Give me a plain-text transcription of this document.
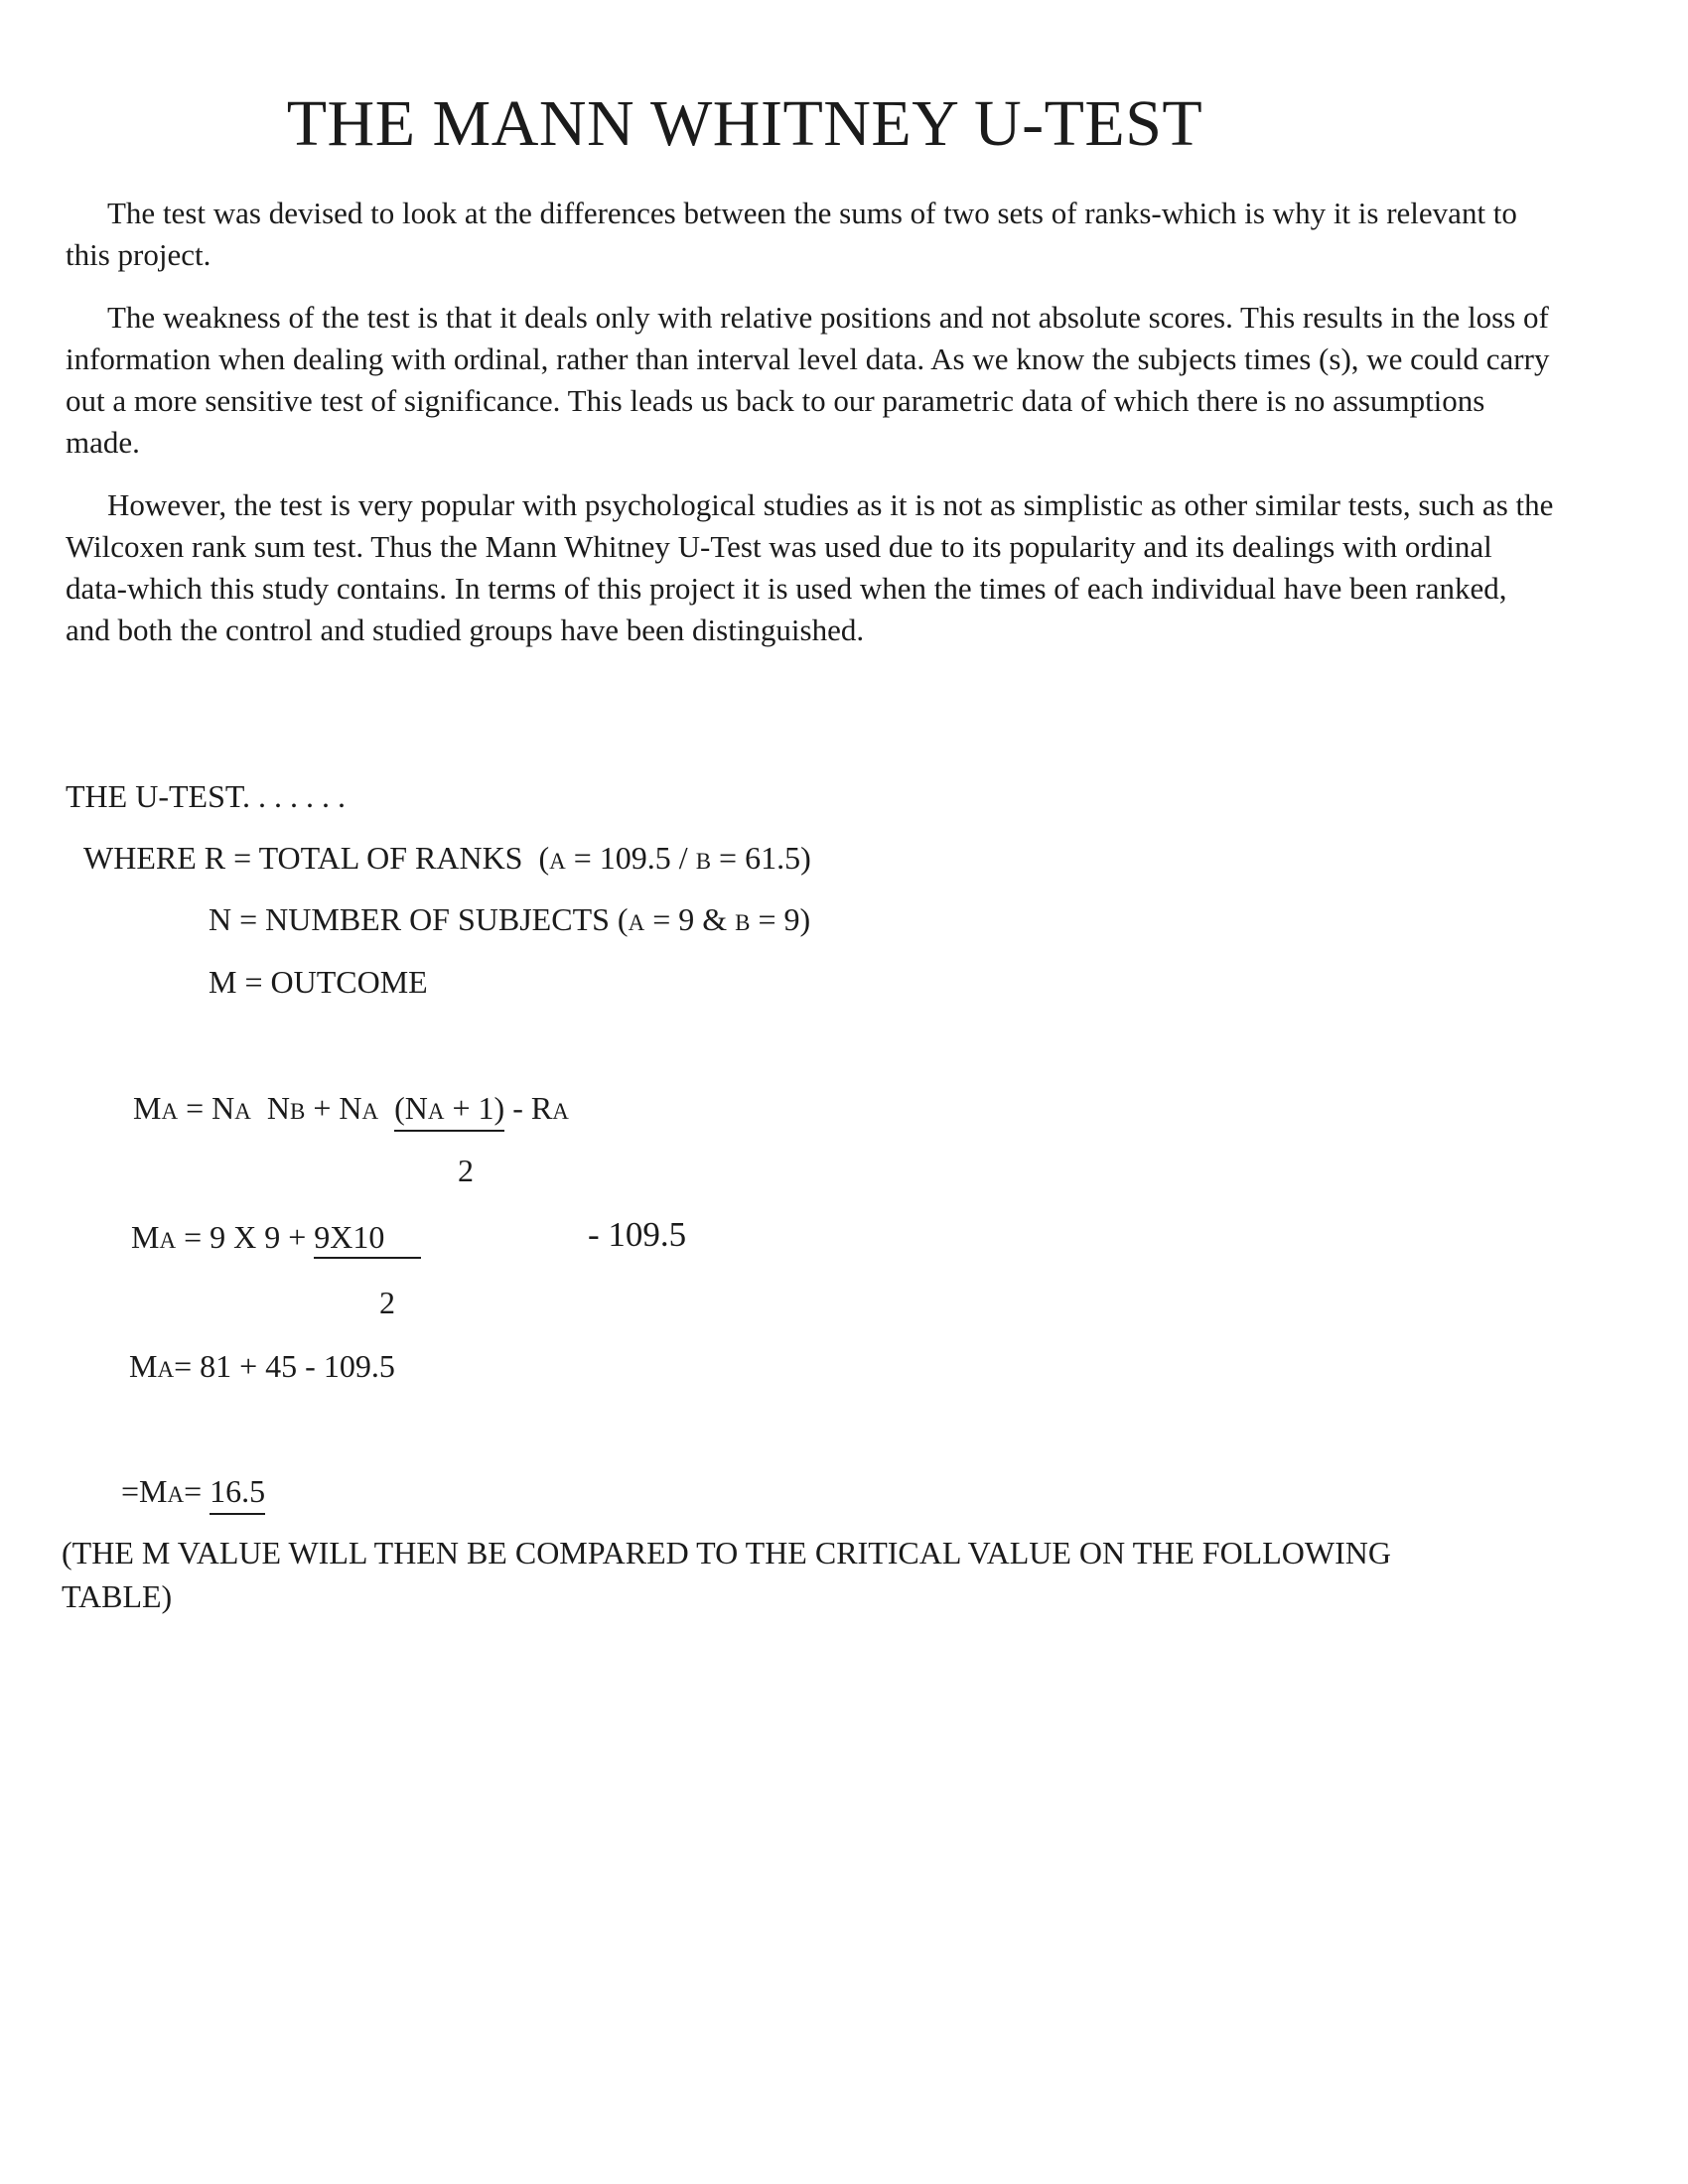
THE MANN WHITNEY U-TEST

The test was devised to look at the differences between the sums of two sets of ranks-which is why it is relevant to this project.

The weakness of the test is that it deals only with relative positions and not absolute scores. This results in the loss of information when dealing with ordinal, rather than interval level data. As we know the subjects times (s), we could carry out a more sensitive test of significance. This leads us back to our parametric data of which there is no assumptions made.

However, the test is very popular with psychological studies as it is not as simplistic as other similar tests, such as the Wilcoxen rank sum test. Thus the Mann Whitney U-Test was used due to its popularity and its dealings with ordinal data-which this study contains. In terms of this project it is used when the times of each individual have been ranked, and both the control and studied groups have been distinguished.

THE U-TEST. . . . . . .
WHERE R = TOTAL OF RANKS (A = 109.5 / B = 61.5)
N = NUMBER OF SUBJECTS (A = 9 & B = 9)
M = OUTCOME
MA = NA NB + NA (NA + 1) - RA
2
MA = 9 X 9 + 9X10	- 109.5
2
MA= 81 + 45 - 109.5
=MA= 16.5
(THE M VALUE WILL THEN BE COMPARED TO THE CRITICAL VALUE ON THE FOLLOWING
TABLE)
